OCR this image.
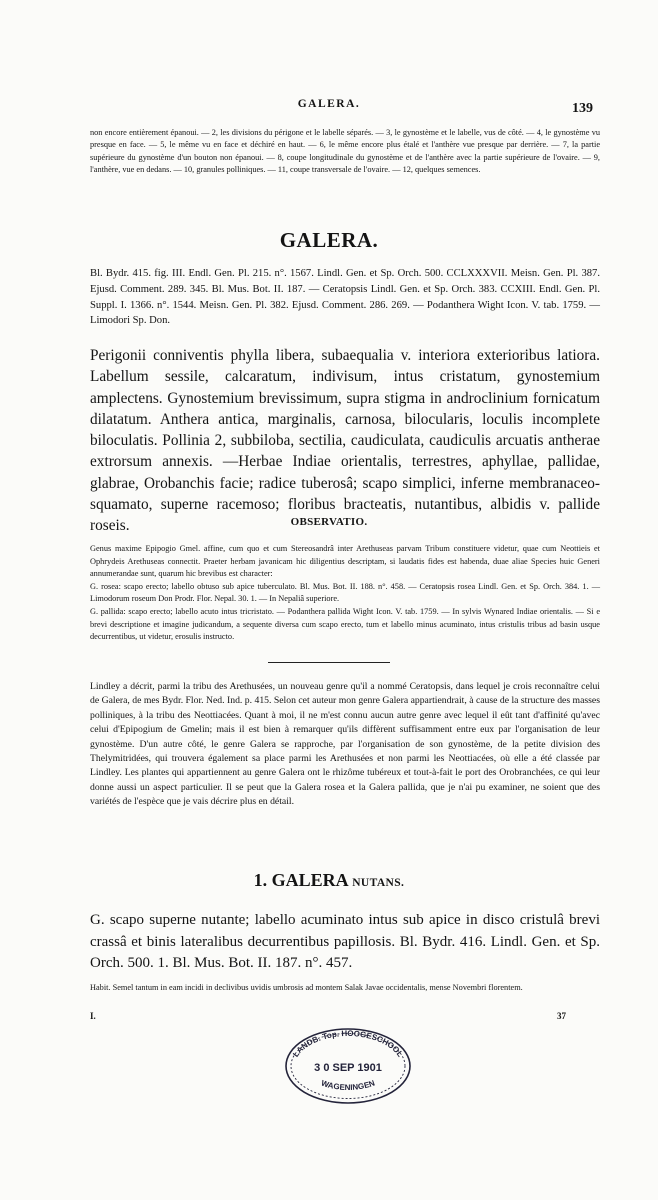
GALERA.	139
non encore entièrement épanoui. — 2, les divisions du périgone et le labelle séparés. — 3, le gynostème et le labelle, vus de côté. — 4, le gynostème vu presque en face. — 5, le même vu en face et déchiré en haut. — 6, le même encore plus étalé et l'anthère vue presque par derrière. — 7, la partie supérieure du gynostème d'un bouton non épanoui. — 8, coupe longitudinale du gynostème et de l'anthère avec la partie supérieure de l'ovaire. — 9, l'anthère, vue en dedans. — 10, granules polliniques. — 11, coupe transversale de l'ovaire. — 12, quelques semences.
GALERA.
Bl. Bydr. 415. fig. III. Endl. Gen. Pl. 215. n°. 1567. Lindl. Gen. et Sp. Orch. 500. CCLXXXVII. Meisn. Gen. Pl. 387. Ejusd. Comment. 289. 345. Bl. Mus. Bot. II. 187. — Ceratopsis Lindl. Gen. et Sp. Orch. 383. CCXIII. Endl. Gen. Pl. Suppl. I. 1366. n°. 1544. Meisn. Gen. Pl. 382. Ejusd. Comment. 286. 269. — Podanthera Wight Icon. V. tab. 1759. — Limodori Sp. Don.
Perigonii conniventis phylla libera, subaequalia v. interiora exterioribus latiora. Labellum sessile, calcaratum, indivisum, intus cristatum, gynostemium amplectens. Gynostemium brevissimum, supra stigma in androclinium fornicatum dilatatum. Anthera antica, marginalis, carnosa, bilocularis, loculis incomplete biloculatis. Pollinia 2, subbiloba, sectilia, caudiculata, caudiculis arcuatis antherae extrorsum annexis. —Herbae Indiae orientalis, terrestres, aphyllae, pallidae, glabrae, Orobanchis facie; radice tuberosâ; scapo simplici, inferne membranaceo-squamato, superne racemoso; floribus bracteatis, nutantibus, albidis v. pallide roseis.	OBSERVATIO.

Genus maxime Epipogio Gmel. affine, cum quo et cum Stereosandrâ inter Arethuseas parvam Tribum constituere videtur, quae cum Neottieis et Ophrydeis Arethuseas connectit. Praeter herbam javanicam hic diligentius descriptam, si laudatis fides est habenda, duae aliae Species huic Generi annumerandae sunt, quarum hic brevibus est character:

G. rosea: scapo erecto; labello obtuso sub apice tuberculato. Bl. Mus. Bot. II. 188. n°. 458. — Ceratopsis rosea Lindl. Gen. et Sp. Orch. 384. 1. — Limodorum roseum Don Prodr. Flor. Nepal. 30. 1. — In Nepaliâ superiore.

G. pallida: scapo erecto; labello acuto intus tricristato. — Podanthera pallida Wight Icon. V. tab. 1759. — In sylvis Wynared Indiae orientalis. — Si e brevi descriptione et imagine judicandum, a sequente diversa cum scapo erecto, tum et labello minus acuminato, intus cristulis tribus ad basin usque decurrentibus, ut videtur, erosulis instructo.

Lindley a décrit, parmi la tribu des Arethusées, un nouveau genre qu'il a nommé Ceratopsis, dans lequel je crois reconnaître celui de Galera, de mes Bydr. Flor. Ned. Ind. p. 415. Selon cet auteur mon genre Galera appartiendrait, à cause de la structure des masses polliniques, à la tribu des Neottiacées. Quant à moi, il ne m'est connu aucun autre genre avec lequel il eût tant d'affinité qu'avec celui d'Epipogium de Gmelin; mais il est bien à remarquer qu'ils diffèrent suffisamment entre eux par l'organisation de leur gynostème. D'un autre côté, le genre Galera se rapproche, par l'organisation de son gynostème, de la petite division des Thelymitridées, qui trouvera également sa place parmi les Arethusées et non parmi les Neottiacées, où elle a été classée par Lindley. Les plantes qui appartiennent au genre Galera ont le rhizôme tubéreux et tout-à-fait le port des Orobranchées, ce qui leur donne aussi un aspect particulier. Il se peut que la Galera rosea et la Galera pallida, que je n'ai pu examiner, ne soient que des variétés de l'espèce que je vais décrire plus en détail.
1. GALERA NUTANS.
G. scapo superne nutante; labello acuminato intus sub apice in disco cristulâ brevi crassâ et binis lateralibus decurrentibus papillosis. Bl. Bydr. 416. Lindl. Gen. et Sp. Orch. 500. 1. Bl. Mus. Bot. II. 187. n°. 457.
Habit. Semel tantum in eam incidi in declivibus uvidis umbrosis ad montem Salak Javae occidentalis, mense Novembri florentem.
I.	37
LANDB. Top. HOOGESCHOOL
3 0 SEP 1901
WAGENINGEN
